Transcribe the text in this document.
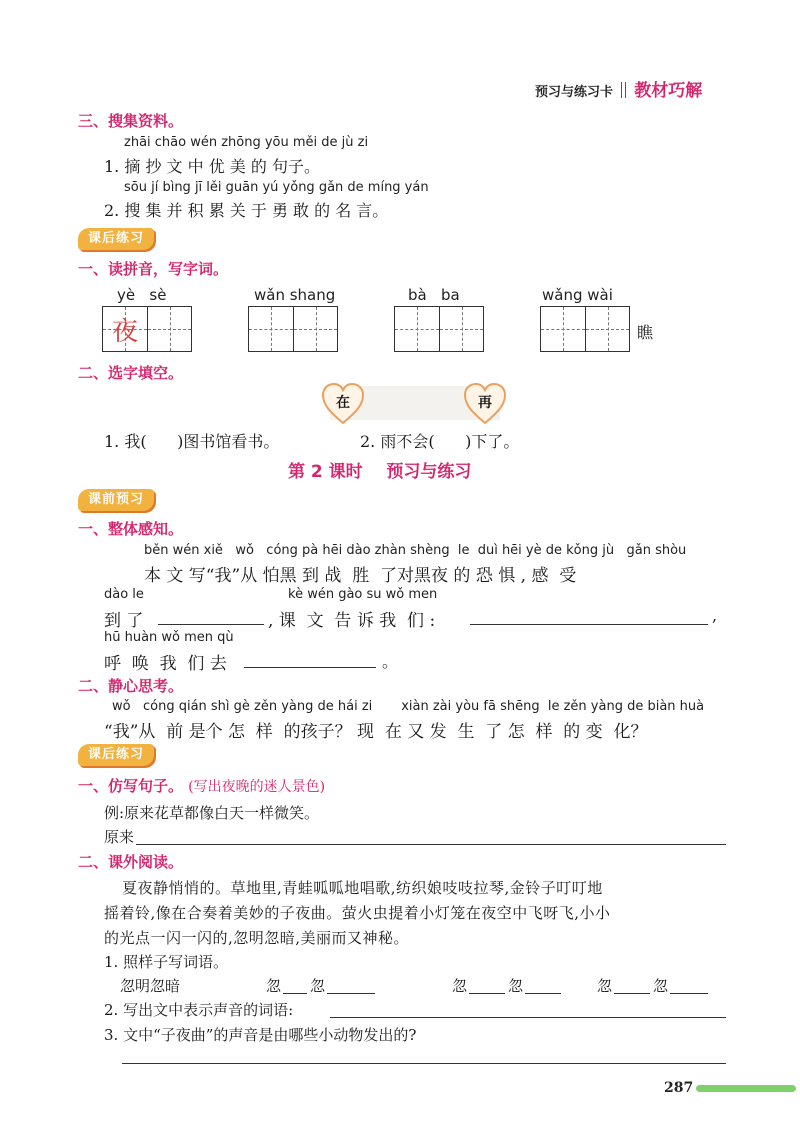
预习与练习卡 教材巧解
三、搜集资料。
zhāi chāo wén zhōng yōu měi de jù zi
1. 摘 抄 文 中 优 美 的 句子。
sōu jí bìng jī lěi guān yú yǒng gǎn de míng yán
2. 搜 集 并 积 累 关 于 勇 敢 的 名 言。
课后练习
一、读拼音，写字词。
yè   sè
夜
wǎn shang	bà   ba	wǎng wài
瞧
二、选字填空。
在	再
1. 我(      )图书馆看书。	2. 雨不会(      )下了。
第 2 课时    预习与练习
课前预习
一、整体感知。
běn wén xiě   wǒ   cóng pà hēi dào zhàn shèng  le  duì hēi yè de kǒng jù   gǎn shòu
本 文 写“我”从 怕黑 到 战  胜  了对黑夜 的 恐 惧 , 感  受
dào le	kè wén gào su wǒ men
到 了	, 课  文  告 诉 我  们 :	,
hū huàn wǒ men qù
呼  唤  我  们 去	。
二、静心思考。
wǒ   cóng qián shì gè zěn yàng de hái zi       xiàn zài yòu fā shēng  le zěn yàng de biàn huà
“我”从  前 是个 怎  样  的孩子？ 现  在 又 发  生  了 怎  样  的 变  化？
课后练习
一、仿写句子。 (写出夜晚的迷人景色)
例:原来花草都像白天一样微笑。
原来
二、课外阅读。
夏夜静悄悄的。草地里,青蛙呱呱地唱歌,纺织娘吱吱拉琴,金铃子叮叮地
摇着铃,像在合奏着美妙的子夜曲。萤火虫提着小灯笼在夜空中飞呀飞,小小
的光点一闪一闪的,忽明忽暗,美丽而又神秘。
1. 照样子写词语。
忽明忽暗	忽 忽	忽	忽	忽	忽
2. 写出文中表示声音的词语:
3. 文中“子夜曲”的声音是由哪些小动物发出的?
287
